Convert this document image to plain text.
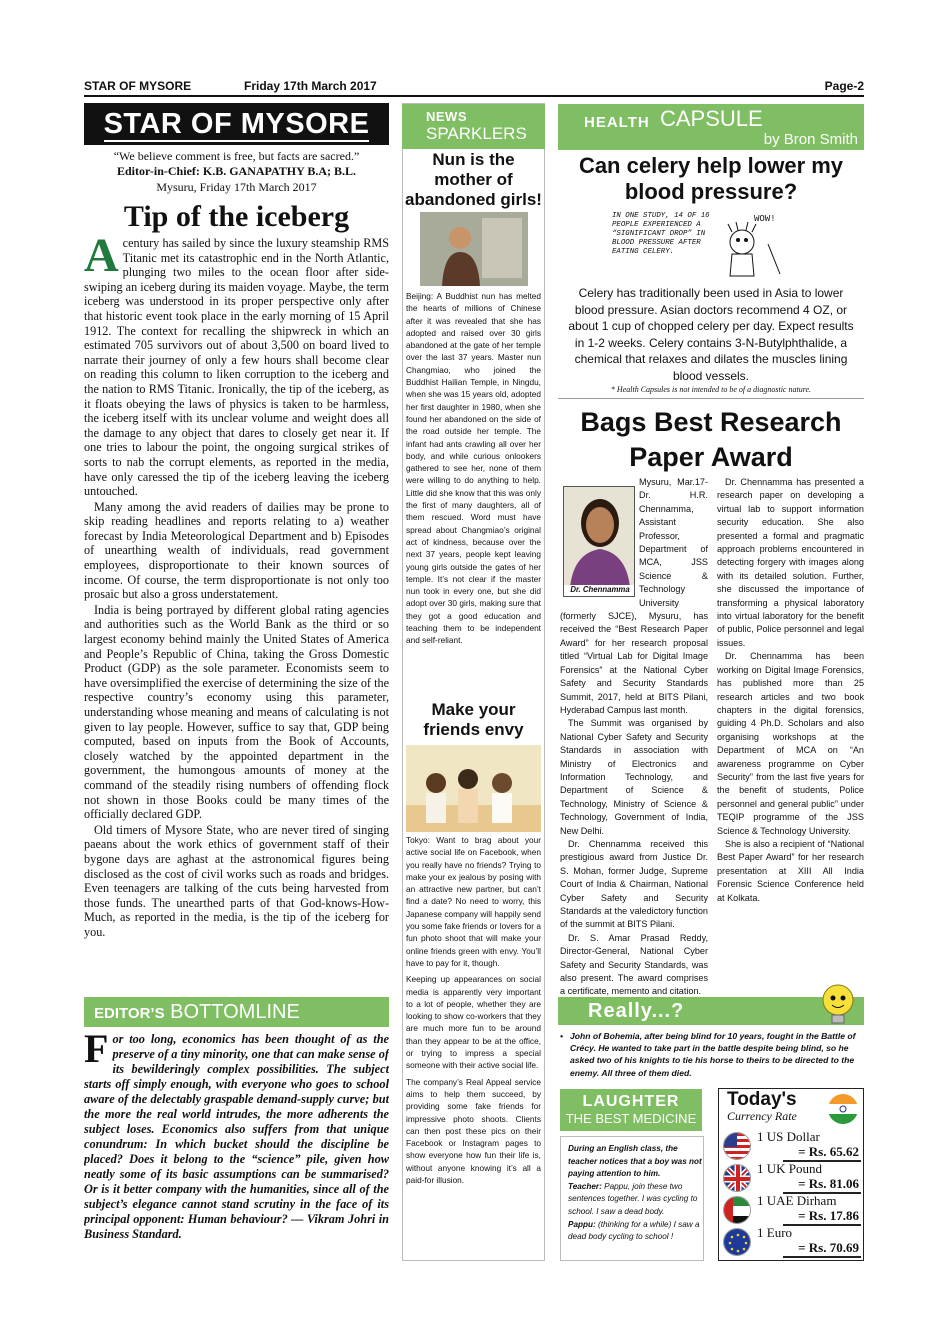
STAR OF MYSORE	Friday 17th March 2017	Page-2
STAR OF MYSORE
“We believe comment is free, but facts are sacred.”
Editor-in-Chief: K.B. GANAPATHY B.A; B.L.
Mysuru, Friday 17th March 2017
Tip of the iceberg

Acentury has sailed by since the luxury steamship RMS Titanic met its catastrophic end in the North Atlantic, plunging two miles to the ocean floor after side-swiping an iceberg during its maiden voyage. Maybe, the term iceberg was understood in its proper perspective only after that historic event took place in the early morning of 15 April 1912. The context for recalling the shipwreck in which an estimated 705 survivors out of about 3,500 on board lived to narrate their journey of only a few hours shall become clear on reading this column to liken corruption to the iceberg and the nation to RMS Titanic. Ironically, the tip of the iceberg, as it floats obeying the laws of physics is taken to be harmless, the iceberg itself with its unclear volume and weight does all the damage to any object that dares to closely get near it. If one tries to labour the point, the ongoing surgical strikes of sorts to nab the corrupt elements, as reported in the media, have only caressed the tip of the iceberg leaving the iceberg untouched.

Many among the avid readers of dailies may be prone to skip reading headlines and reports relating to a) weather forecast by India Meteorological Department and b) Episodes of unearthing wealth of individuals, read government employees, disproportionate to their known sources of income. Of course, the term disproportionate is not only too prosaic but also a gross understatement.

India is being portrayed by different global rating agencies and authorities such as the World Bank as the third or so largest economy behind mainly the United States of America and People’s Republic of China, taking the Gross Domestic Product (GDP) as the sole parameter. Economists seem to have oversimplified the exercise of determining the size of the respective country’s economy using this parameter, understanding whose meaning and means of calculating is not given to lay people. However, suffice to say that, GDP being computed, based on inputs from the Book of Accounts, closely watched by the appointed department in the government, the humongous amounts of money at the command of the steadily rising numbers of offending flock not shown in those Books could be many times of the officially declared GDP.

Old timers of Mysore State, who are never tired of singing paeans about the work ethics of government staff of their bygone days are aghast at the astronomical figures being disclosed as the cost of civil works such as roads and bridges. Even teenagers are talking of the cuts being harvested from those funds. The unearthed parts of that God-knows-How-Much, as reported in the media, is the tip of the iceberg for you.

EDITOR’S BOTTOMLINE
For too long, economics has been thought of as the preserve of a tiny minority, one that can make sense of its bewilderingly complex possibilities. The subject starts off simply enough, with everyone who goes to school aware of the delectably graspable demand-supply curve; but the more the real world intrudes, the more adherents the subject loses. Economics also suffers from that unique conundrum: In which bucket should the discipline be placed? Does it belong to the “science” pile, given how neatly some of its basic assumptions can be summarised? Or is it better company with the humanities, since all of the subject’s elegance cannot stand scrutiny in the face of its principal opponent: Human behaviour? — Vikram Johri in Business Standard.
NEWS
SPARKLERS
Nun is the mother of abandoned girls!

Beijing: A Buddhist nun has melted the hearts of millions of Chinese after it was revealed that she has adopted and raised over 30 girls abandoned at the gate of her temple over the last 37 years. Master nun Changmiao, who joined the Buddhist Hailian Temple, in Ningdu, when she was 15 years old, adopted her first daughter in 1980, when she found her abandoned on the side of the road outside her temple. The infant had ants crawling all over her body, and while curious onlookers gathered to see her, none of them were willing to do anything to help. Little did she know that this was only the first of many daughters, all of them rescued. Word must have spread about Changmiao’s original act of kindness, because over the next 37 years, people kept leaving young girls outside the gates of her temple. It’s not clear if the master nun took in every one, but she did adopt over 30 girls, making sure that they got a good education and teaching them to be independent and self-reliant.

Make your friends envy

Tokyo: Want to brag about your active social life on Facebook, when you really have no friends? Trying to make your ex jealous by posing with an attractive new partner, but can’t find a date? No need to worry, this Japanese company will happily send you some fake friends or lovers for a fun photo shoot that will make your online friends green with envy. You’ll have to pay for it, though.

Keeping up appearances on social media is apparently very important to a lot of people, whether they are looking to show co-workers that they are much more fun to be around than they appear to be at the office, or trying to impress a special someone with their active social life.

The company’s Real Appeal service aims to help them succeed, by providing some fake friends for impressive photo shoots. Clients can then post these pics on their Facebook or Instagram pages to show everyone how fun their life is, without anyone knowing it’s all a paid-for illusion.

HEALTH CAPSULE
by Bron Smith
Can celery help lower my blood pressure?
IN ONE STUDY, 14 OF 16 PEOPLE EXPERIENCED A “SIGNIFICANT DROP” IN BLOOD PRESSURE AFTER EATING CELERY.
WOW!
Celery has traditionally been used in Asia to lower blood pressure. Asian doctors recommend 4 OZ, or about 1 cup of chopped celery per day. Expect results in 1-2 weeks. Celery contains 3-N-Butylphthalide, a chemical that relaxes and dilates the muscles lining blood vessels.
* Health Capsules is not intended to be of a diagnostic nature.
Bags Best Research Paper Award
Dr. Chennamma

Mysuru, Mar.17-Dr. H.R. Chennamma, Assistant Professor, Department of MCA, JSS Science & Technology University (formerly SJCE), Mysuru, has received the “Best Research Paper Award” for her research proposal titled “Virtual Lab for Digital Image Forensics” at the National Cyber Safety and Security Standards Summit, 2017, held at BITS Pilani, Hyderabad Campus last month.

The Summit was organised by National Cyber Safety and Security Standards in association with Ministry of Electronics and Information Technology, and Department of Science & Technology, Ministry of Science & Technology, Government of India, New Delhi.

Dr. Chennamma received this prestigious award from Justice Dr. S. Mohan, former Judge, Supreme Court of India & Chairman, National Cyber Safety and Security Standards at the valedictory function of the summit at BITS Pilani.

Dr. S. Amar Prasad Reddy, Director-General, National Cyber Safety and Security Standards, was also present. The award comprises a certificate, memento and citation.

Dr. Chennamma has presented a research paper on developing a virtual lab to support information security education. She also presented a formal and pragmatic approach problems encountered in detecting forgery with images along with its detailed solution. Further, she discussed the importance of transforming a physical laboratory into virtual laboratory for the benefit of public, Police personnel and legal issues.

Dr. Chennamma has been working on Digital Image Forensics, has published more than 25 research articles and two book chapters in the digital forensics, guiding 4 Ph.D. Scholars and also organising workshops at the Department of MCA on “An awareness programme on Cyber Security” from the last five years for the benefit of students, Police personnel and general public” under TEQIP programme of the JSS Science & Technology University.

She is also a recipient of “National Best Paper Award” for her research presentation at XIII All India Forensic Science Conference held at Kolkata.

Really...?
• John of Bohemia, after being blind for 10 years, fought in the Battle of Crécy. He wanted to take part in the battle despite being blind, so he asked two of his knights to tie his horse to theirs to be directed to the enemy. All three of them died.
LAUGHTER
THE BEST MEDICINE
During an English class, the teacher notices that a boy was not paying attention to him.
Teacher: Pappu, join these two sentences together. I was cycling to school. I saw a dead body.
Pappu: (thinking for a while) I saw a dead body cycling to school !
Today's
Currency Rate
1 US Dollar
= Rs. 65.62
1 UK Pound
= Rs. 81.06
1 UAE Dirham
= Rs. 17.86
1 Euro
= Rs. 70.69
